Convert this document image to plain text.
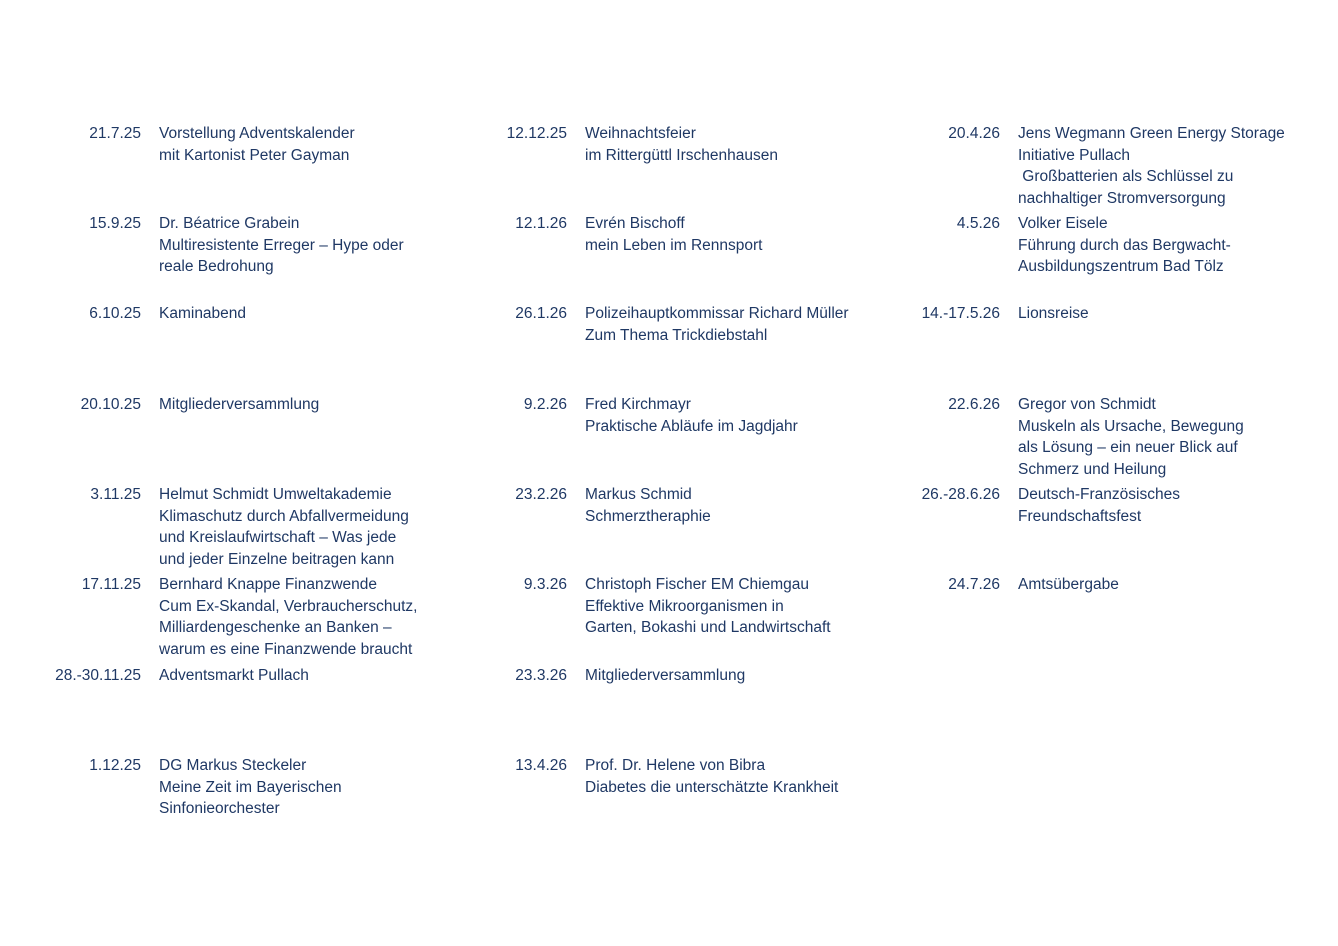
21.7.25 Vorstellung Adventskalender
mit Kartonist Peter Gayman
15.9.25 Dr. Béatrice Grabein
Multiresistente Erreger – Hype oder
reale Bedrohung
6.10.25 Kaminabend
20.10.25 Mitgliederversammlung
3.11.25 Helmut Schmidt Umweltakademie
Klimaschutz durch Abfallvermeidung
und Kreislaufwirtschaft – Was jede
und jeder Einzelne beitragen kann
17.11.25 Bernhard Knappe Finanzwende
Cum Ex-Skandal, Verbraucherschutz,
Milliardengeschenke an Banken –
warum es eine Finanzwende braucht
28.-30.11.25 Adventsmarkt Pullach
1.12.25 DG Markus Steckeler
Meine Zeit im Bayerischen
Sinfonieorchester
12.12.25 Weihnachtsfeier
im Rittergüttl Irschenhausen
12.1.26 Evrén Bischoff
mein Leben im Rennsport
26.1.26 Polizeihauptkommissar Richard Müller
Zum Thema Trickdiebstahl
9.2.26 Fred Kirchmayr
Praktische Abläufe im Jagdjahr
23.2.26 Markus Schmid
Schmerztheraphie
9.3.26 Christoph Fischer EM Chiemgau
Effektive Mikroorganismen in
Garten, Bokashi und Landwirtschaft
23.3.26 Mitgliederversammlung
13.4.26 Prof. Dr. Helene von Bibra
Diabetes die unterschätzte Krankheit
20.4.26 Jens Wegmann Green Energy Storage
Initiative Pullach
Großbatterien als Schlüssel zu
nachhaltiger Stromversorgung
4.5.26 Volker Eisele
Führung durch das Bergwacht-
Ausbildungszentrum Bad Tölz
14.-17.5.26 Lionsreise
22.6.26 Gregor von Schmidt
Muskeln als Ursache, Bewegung
als Lösung – ein neuer Blick auf
Schmerz und Heilung
26.-28.6.26 Deutsch-Französisches
Freundschaftsfest
24.7.26 Amtsübergabe
